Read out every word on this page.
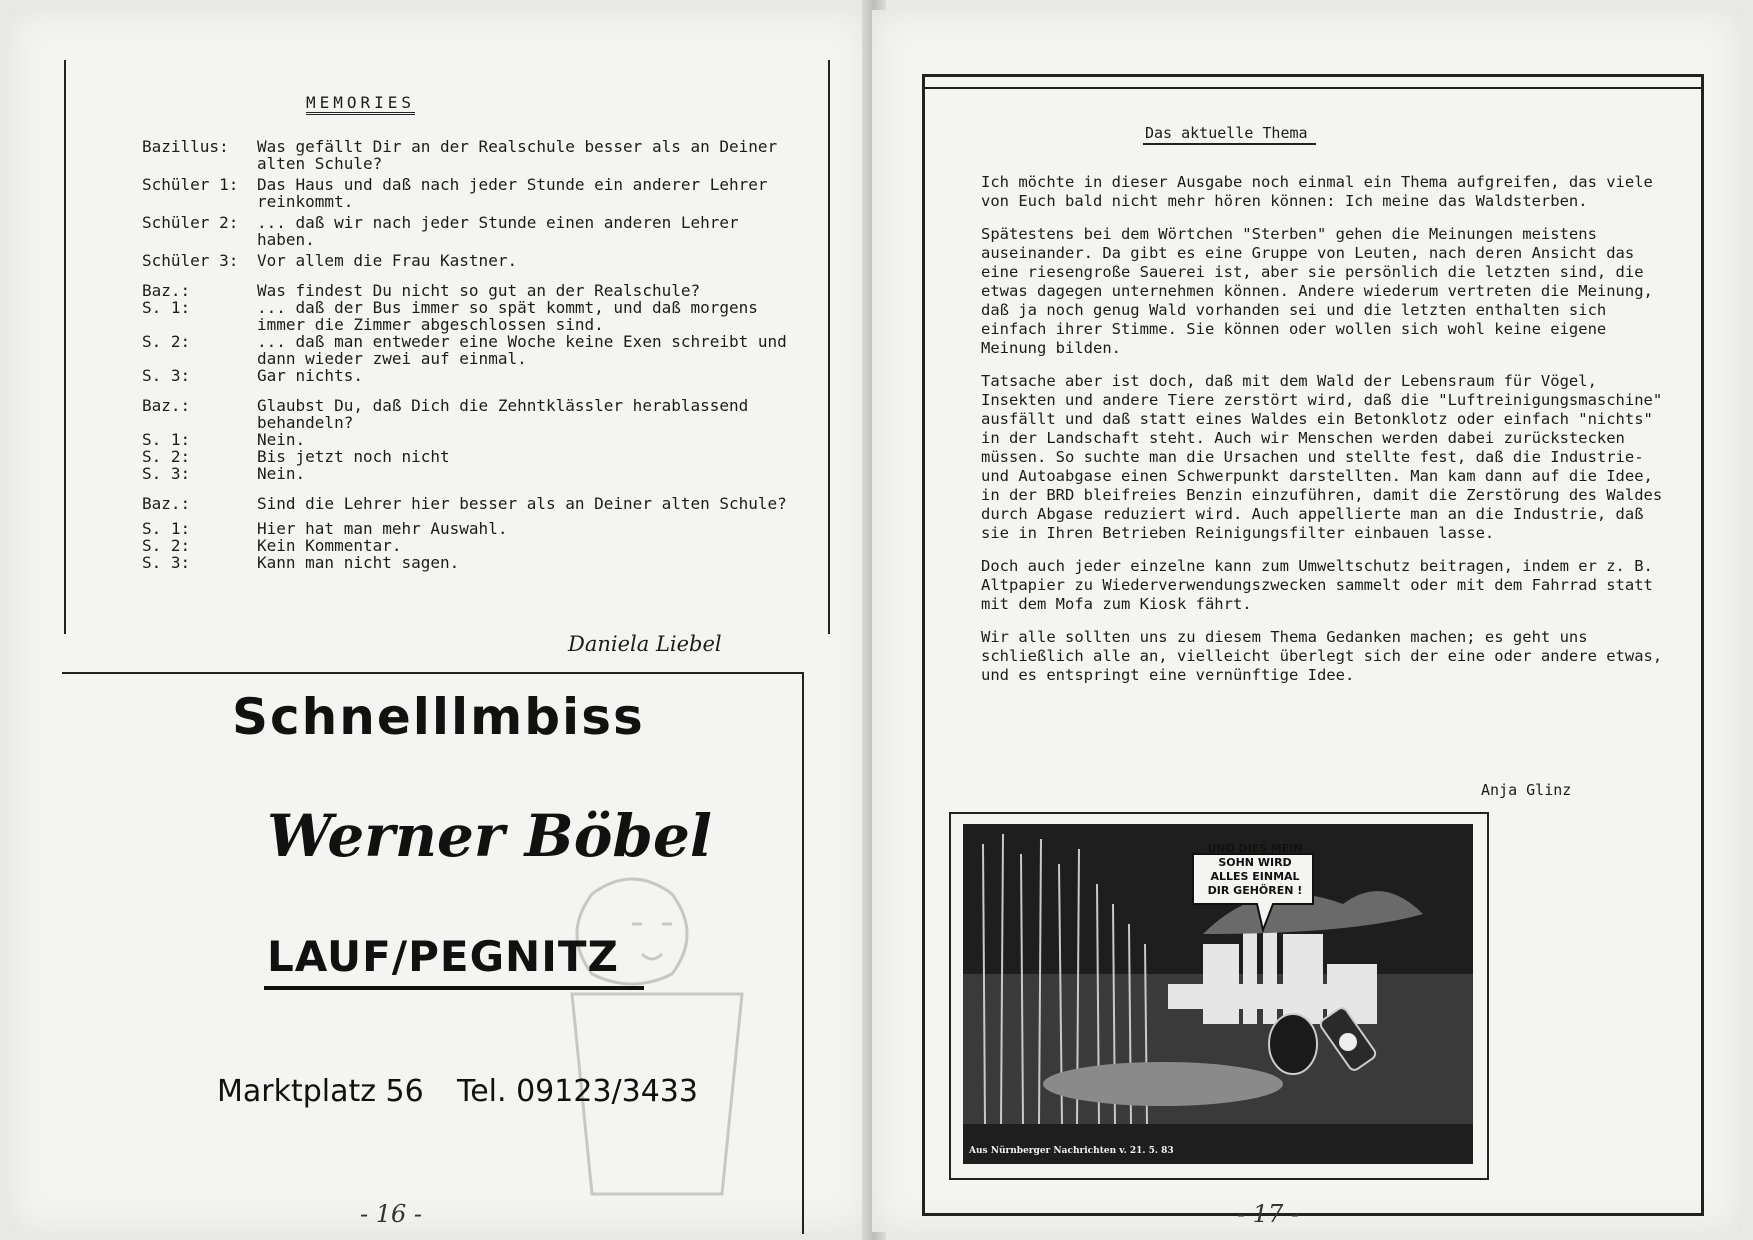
MEMORIES
Bazillus:	Was gefällt Dir an der Realschule besser als an Deiner alten Schule?
Schüler 1:	Das Haus und daß nach jeder Stunde ein anderer Lehrer reinkommt.
Schüler 2:	... daß wir nach jeder Stunde einen anderen Lehrer haben.
Schüler 3:	Vor allem die Frau Kastner.
Baz.:	Was findest Du nicht so gut an der Realschule?
S. 1:	... daß der Bus immer so spät kommt, und daß morgens immer die Zimmer abgeschlossen sind.
S. 2:	... daß man entweder eine Woche keine Exen schreibt und dann wieder zwei auf einmal.
S. 3:	Gar nichts.
Baz.:	Glaubst Du, daß Dich die Zehntklässler herablassend behandeln?
S. 1:	Nein.
S. 2:	Bis jetzt noch nicht
S. 3:	Nein.
Baz.:	Sind die Lehrer hier besser als an Deiner alten Schule?
S. 1:	Hier hat man mehr Auswahl.
S. 2:	Kein Kommentar.
S. 3:	Kann man nicht sagen.
Daniela Liebel
Schnelllmbiss
Werner Böbel
LAUF/PEGNITZ
Marktplatz 56 Tel. 09123/3433
- 16 -
Das aktuelle Thema

Ich möchte in dieser Ausgabe noch einmal ein Thema aufgreifen, das viele von Euch bald nicht mehr hören können: Ich meine das Waldsterben.

Spätestens bei dem Wörtchen "Sterben" gehen die Meinungen meistens auseinander. Da gibt es eine Gruppe von Leuten, nach deren Ansicht das eine riesengroße Sauerei ist, aber sie persönlich die letzten sind, die etwas dagegen unternehmen können. Andere wiederum vertreten die Meinung, daß ja noch genug Wald vorhanden sei und die letzten enthalten sich einfach ihrer Stimme. Sie können oder wollen sich wohl keine eigene Meinung bilden.

Tatsache aber ist doch, daß mit dem Wald der Lebensraum für Vögel, Insekten und andere Tiere zerstört wird, daß die "Luftreinigungsmaschine" ausfällt und daß statt eines Waldes ein Betonklotz oder einfach "nichts" in der Landschaft steht. Auch wir Menschen werden dabei zurückstecken müssen. So suchte man die Ursachen und stellte fest, daß die Industrie- und Autoabgase einen Schwerpunkt darstellten. Man kam dann auf die Idee, in der BRD bleifreies Benzin einzuführen, damit die Zerstörung des Waldes durch Abgase reduziert wird. Auch appellierte man an die Industrie, daß sie in Ihren Betrieben Reinigungsfilter einbauen lasse.

Doch auch jeder einzelne kann zum Umweltschutz beitragen, indem er z. B. Altpapier zu Wiederverwendungszwecken sammelt oder mit dem Fahrrad statt mit dem Mofa zum Kiosk fährt.

Wir alle sollten uns zu diesem Thema Gedanken machen; es geht uns schließlich alle an, vielleicht überlegt sich der eine oder andere etwas, und es entspringt eine vernünftige Idee.

Anja Glinz
UND DIES MEIN SOHN WIRD ALLES EINMAL DIR GEHÖREN !
Aus Nürnberger Nachrichten v. 21. 5. 83
- 17 -
